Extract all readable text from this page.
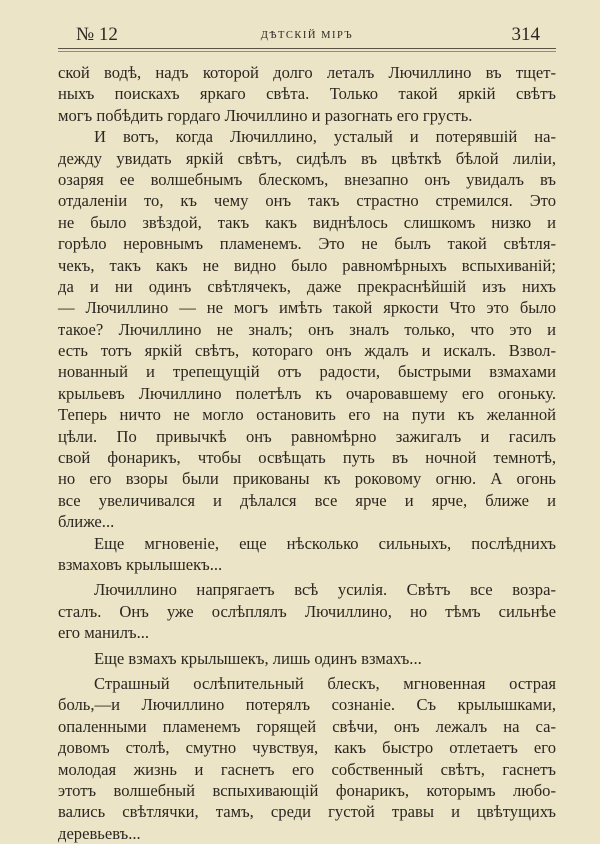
№ 12	ДѢТСКІЙ МІРЪ	314
ской водѣ, надъ которой долго леталъ Лючиллино въ тщет-
ныхъ поискахъ яркаго свѣта. Только такой яркій свѣтъ
могъ побѣдить гордаго Лючиллино и разогнать его грусть.
И вотъ, когда Лючиллино, усталый и потерявшій на-
дежду увидать яркій свѣтъ, сидѣлъ въ цвѣткѣ бѣлой лиліи,
озаряя ее волшебнымъ блескомъ, внезапно онъ увидалъ въ
отдаленіи то, къ чему онъ такъ страстно стремился. Это
не было звѣздой, такъ какъ виднѣлось слишкомъ низко и
горѣло неровнымъ пламенемъ. Это не былъ такой свѣтля-
чекъ, такъ какъ не видно было равномѣрныхъ вспыхиваній;
да и ни одинъ свѣтлячекъ, даже прекраснѣйшій изъ нихъ
— Лючиллино — не могъ имѣть такой яркости Что это было
такое? Лючиллино не зналъ; онъ зналъ только, что это и
есть тотъ яркій свѣтъ, котораго онъ ждалъ и искалъ. Взвол-
нованный и трепещущій отъ радости, быстрыми взмахами
крыльевъ Лючиллино полетѣлъ къ очаровавшему его огоньку.
Теперь ничто не могло остановить его на пути къ желанной
цѣли. По привычкѣ онъ равномѣрно зажигалъ и гасилъ
свой фонарикъ, чтобы освѣщать путь въ ночной темнотѣ,
но его взоры были прикованы къ роковому огню. А огонь
все увеличивался и дѣлался все ярче и ярче, ближе и
ближе...
Еще мгновеніе, еще нѣсколько сильныхъ, послѣднихъ
взмаховъ крылышекъ...
Лючиллино напрягаетъ всѣ усилія. Свѣтъ все возра-
сталъ. Онъ уже ослѣплялъ Лючиллино, но тѣмъ сильнѣе
его манилъ...
Еще взмахъ крылышекъ, лишь одинъ взмахъ...
Страшный ослѣпительный блескъ, мгновенная острая
боль,—и Лючиллино потерялъ сознаніе. Съ крылышками,
опаленными пламенемъ горящей свѣчи, онъ лежалъ на са-
довомъ столѣ, смутно чувствуя, какъ быстро отлетаетъ его
молодая жизнь и гаснетъ его собственный свѣтъ, гаснетъ
этотъ волшебный вспыхивающій фонарикъ, которымъ любо-
вались свѣтлячки, тамъ, среди густой травы и цвѣтущихъ
деревьевъ...
